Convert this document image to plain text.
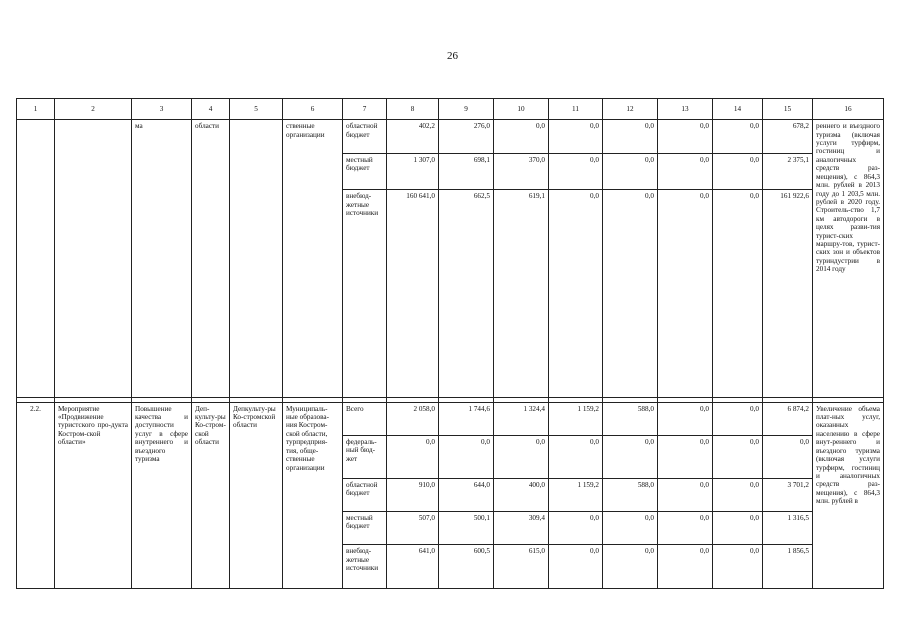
26
1	2	3	4	5	6	7	8	9	10	11	12	13	14	15	16
		ма	области		ственные организации	областной бюджет	402,2	276,0	0,0	0,0	0,0	0,0	0,0	678,2	реннего и въездного туризма (включая услуги турфирм, гостиниц и аналогичных средств раз-мещения), с 864,3 млн. рублей в 2013 году до 1 203,5 млн. рублей в 2020 году. Строитель-ство 1,7 км автодороги в целях разви-тия турист-ских маршру-тов, турист-ских зон и объектов туриндустрии в 2014 году
						местный бюджет	1 307,0	698,1	370,0	0,0	0,0	0,0	0,0	2 375,1	
						внебюд-жетные источники	160 641,0	662,5	619,1	0,0	0,0	0,0	0,0	161 922,6	

2.2.	Мероприятие «Продвижение туристского про-дукта Костром-ской области»	Повышение качества и доступности услуг в сфере внутреннего и въездного туризма	Деп-культу-ры Ко-стром-ской области	Депкульту-ры Ко-стромской области	Муниципаль-ные образова-ния Костром-ской области, турпредприя-тия, обще-ственные организации	Всего	2 058,0	1 744,6	1 324,4	1 159,2	588,0	0,0	0,0	6 874,2	Увеличение объема плат-ных услуг, оказанных населению в сфере внут-реннего и въездного туризма (включая услуги турфирм, гостиниц и аналогичных средств раз-мещения), с 864,3 млн. рублей в
						федераль-ный бюд-жет	0,0	0,0	0,0	0,0	0,0	0,0	0,0	0,0	
						областной бюджет	910,0	644,0	400,0	1 159,2	588,0	0,0	0,0	3 701,2	
						местный бюджет	507,0	500,1	309,4	0,0	0,0	0,0	0,0	1 316,5	
						внебюд-жетные источники	641,0	600,5	615,0	0,0	0,0	0,0	0,0	1 856,5	
